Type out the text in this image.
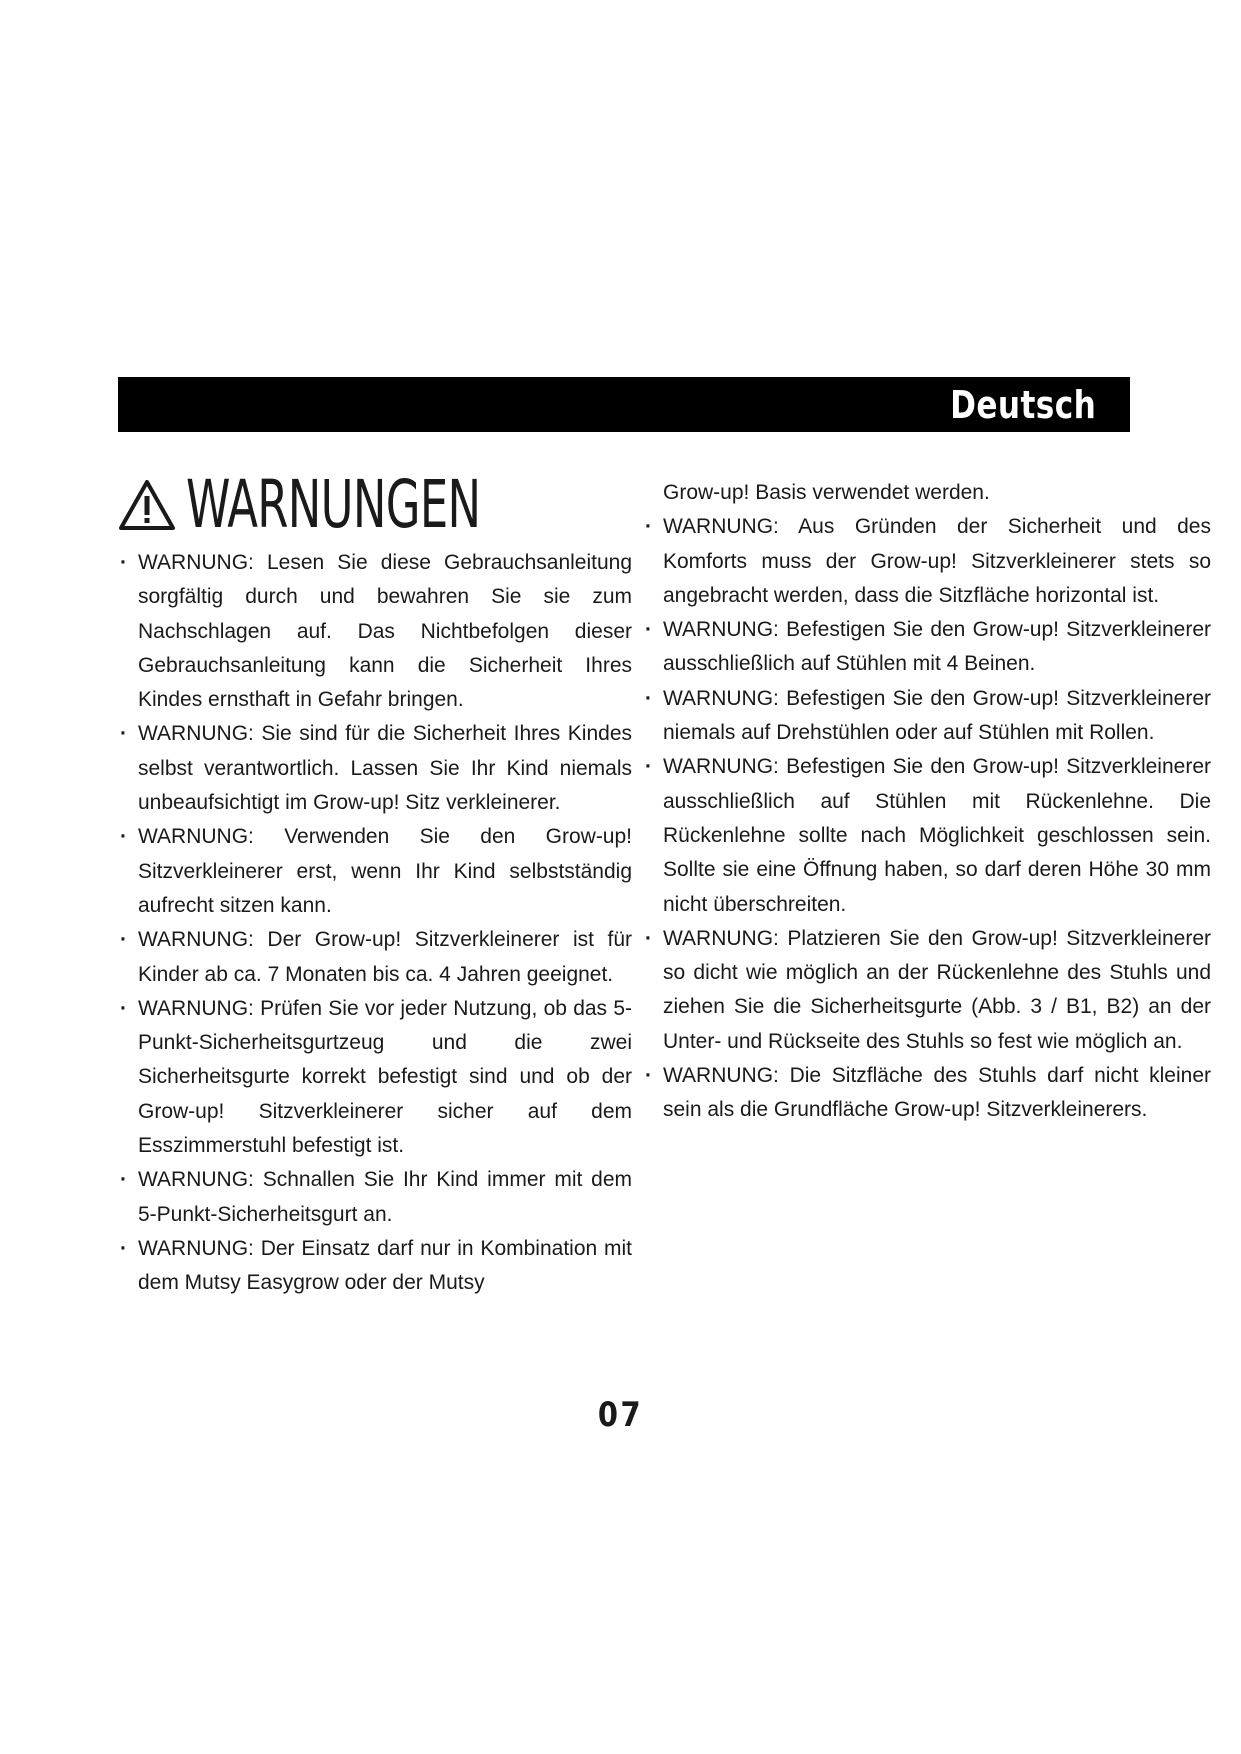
Deutsch
WARNUNGEN

· WARNUNG: Lesen Sie diese Gebrauchsanleitung sorgfältig durch und bewahren Sie sie zum Nachschlagen auf. Das Nichtbefolgen dieser Gebrauchsanleitung kann die Sicherheit Ihres Kindes ernsthaft in Gefahr bringen.

· WARNUNG: Sie sind für die Sicherheit Ihres Kindes selbst verantwortlich. Lassen Sie Ihr Kind niemals unbeaufsichtigt im Grow-up! Sitz verkleinerer.

· WARNUNG: Verwenden Sie den Grow-up! Sitzverkleinerer erst, wenn Ihr Kind selbstständig aufrecht sitzen kann.

· WARNUNG: Der Grow-up! Sitzverkleinerer ist für Kinder ab ca. 7 Monaten bis ca. 4 Jahren geeignet.

· WARNUNG: Prüfen Sie vor jeder Nutzung, ob das 5-Punkt-Sicherheitsgurtzeug und die zwei Sicherheitsgurte korrekt befestigt sind und ob der Grow-up! Sitzverkleinerer sicher auf dem Esszimmerstuhl befestigt ist.

· WARNUNG: Schnallen Sie Ihr Kind immer mit dem 5-Punkt-Sicherheitsgurt an.

· WARNUNG: Der Einsatz darf nur in Kombination mit dem Mutsy Easygrow oder der Mutsy

Grow-up! Basis verwendet werden.

· WARNUNG: Aus Gründen der Sicherheit und des Komforts muss der Grow-up! Sitzverkleinerer stets so angebracht werden, dass die Sitzfläche horizontal ist.

· WARNUNG: Befestigen Sie den Grow-up! Sitzverkleinerer ausschließlich auf Stühlen mit 4 Beinen.

· WARNUNG: Befestigen Sie den Grow-up! Sitzverkleinerer niemals auf Drehstühlen oder auf Stühlen mit Rollen.

· WARNUNG: Befestigen Sie den Grow-up! Sitzverkleinerer ausschließlich auf Stühlen mit Rückenlehne. Die Rückenlehne sollte nach Möglichkeit geschlossen sein. Sollte sie eine Öffnung haben, so darf deren Höhe 30 mm nicht überschreiten.

· WARNUNG: Platzieren Sie den Grow-up! Sitzverkleinerer so dicht wie möglich an der Rückenlehne des Stuhls und ziehen Sie die Sicherheitsgurte (Abb. 3 / B1, B2) an der Unter- und Rückseite des Stuhls so fest wie möglich an.

· WARNUNG: Die Sitzfläche des Stuhls darf nicht kleiner sein als die Grundfläche Grow-up! Sitzverkleinerers.

07
